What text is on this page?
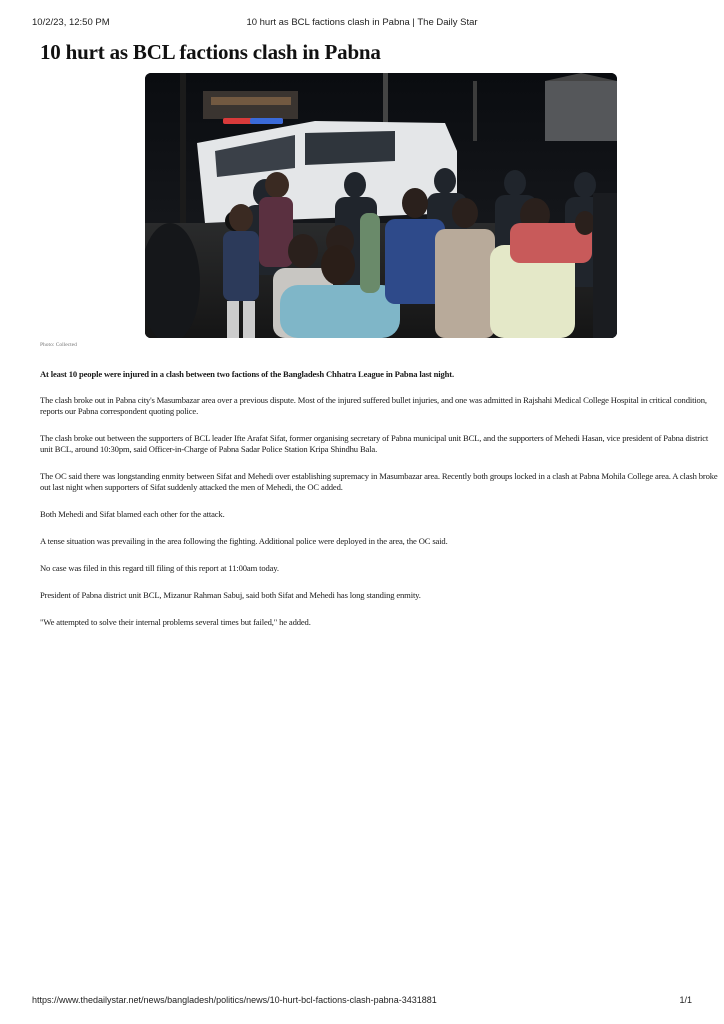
10/2/23, 12:50 PM	10 hurt as BCL factions clash in Pabna | The Daily Star
10 hurt as BCL factions clash in Pabna
Photo: Collected

At least 10 people were injured in a clash between two factions of the Bangladesh Chhatra League in Pabna last night.

The clash broke out in Pabna city's Masumbazar area over a previous dispute. Most of the injured suffered bullet injuries, and one was admitted in Rajshahi Medical College Hospital in critical condition, reports our Pabna correspondent quoting police.

The clash broke out between the supporters of BCL leader Ifte Arafat Sifat, former organising secretary of Pabna municipal unit BCL, and the supporters of Mehedi Hasan, vice president of Pabna district unit BCL, around 10:30pm, said Officer-in-Charge of Pabna Sadar Police Station Kripa Shindhu Bala.

The OC said there was longstanding enmity between Sifat and Mehedi over establishing supremacy in Masumbazar area. Recently both groups locked in a clash at Pabna Mohila College area. A clash broke out last night when supporters of Sifat suddenly attacked the men of Mehedi, the OC added.

Both Mehedi and Sifat blamed each other for the attack.

A tense situation was prevailing in the area following the fighting. Additional police were deployed in the area, the OC said.

No case was filed in this regard till filing of this report at 11:00am today.

President of Pabna district unit BCL, Mizanur Rahman Sabuj, said both Sifat and Mehedi has long standing enmity.

"We attempted to solve their internal problems several times but failed," he added.

https://www.thedailystar.net/news/bangladesh/politics/news/10-hurt-bcl-factions-clash-pabna-3431881	1/1
